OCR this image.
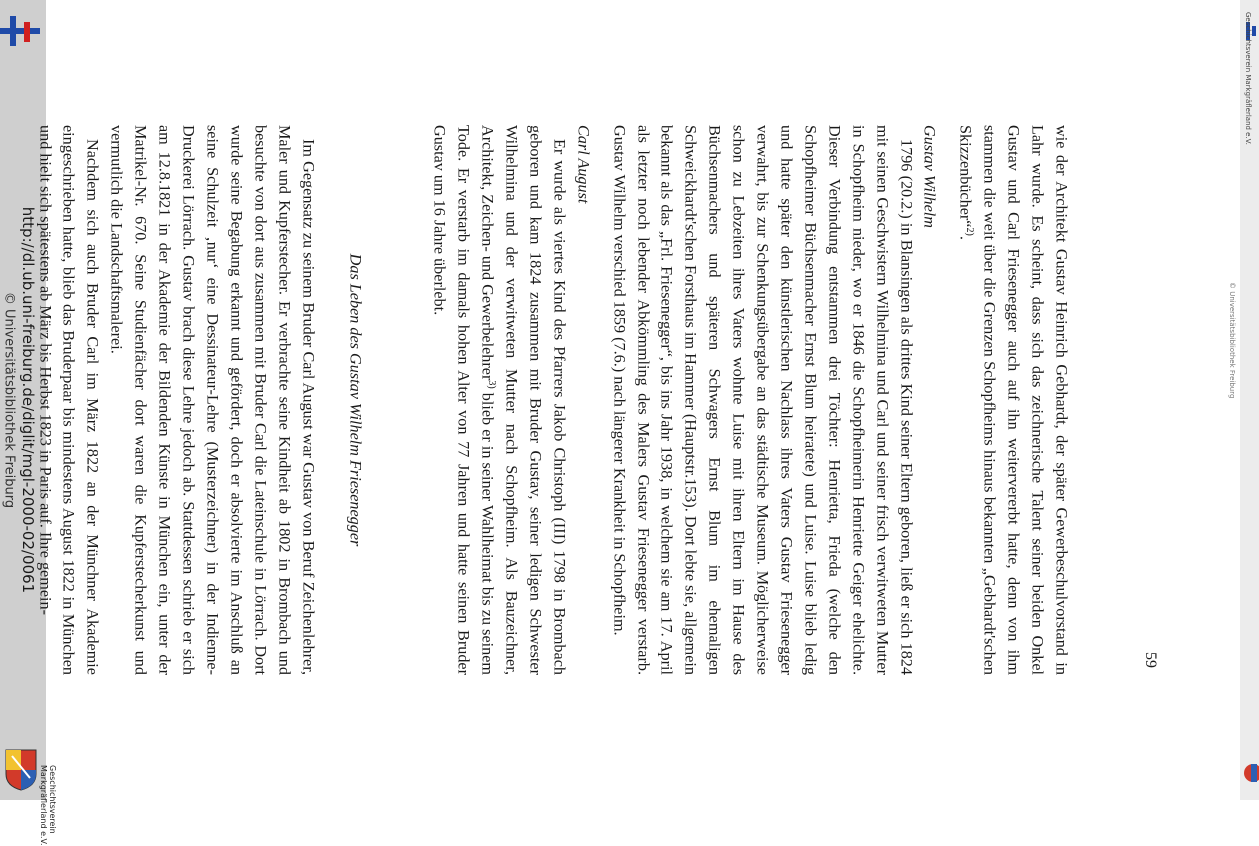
http://dl.ub.uni-freiburg.de/diglit/mgl-2000-02/0061
© Universitätsbibliothek Freiburg
Geschichtsverein
Markgräflerland e.V.
Geschichtsverein Markgräflerland e.V.
© Universitätsbibliothek Freiburg

wie der Architekt Gustav Heinrich Gebhardt, der später Gewerbeschulvorstand in Lahr wurde. Es scheint, dass sich das zeichnerische Talent seiner beiden Onkel Gustav und Carl Friesenegger auch auf ihn weitervererbt hatte, denn von ihm stammen die weit über die Grenzen Schopfheims hinaus bekannten „Gebhardt'schen Skizzenbücher“$^{2)}$.

Gustav Wilhelm

1796 (20.2.) in Blansingen als drittes Kind seiner Eltern geboren, ließ er sich 1824 mit seinen Geschwistern Wilhelmina und Carl und seiner frisch verwitweten Mutter in Schopfheim nieder, wo er 1846 die Schopfheimerin Henriette Geiger ehelichte. Dieser Verbindung entstammen drei Töchter: Henrietta, Frieda (welche den Schopfheimer Büchsenmacher Ernst Blum heiratete) und Luise. Luise blieb ledig und hatte später den künstlerischen Nachlass ihres Vaters Gustav Friesenegger verwahrt, bis zur Schenkungsübergabe an das städtische Museum. Möglicherweise schon zu Lebzeiten ihres Vaters wohnte Luise mit ihren Eltern im Hause des Büchsenmachers und späteren Schwagers Ernst Blum im ehemaligen Schweickhardt'schen Forsthaus im Hammer (Hauptstr.153). Dort lebte sie, allgemein bekannt als das „Frl. Friesenegger“, bis ins Jahr 1938, in welchem sie am 17. April als letzter noch lebender Abkömmling des Malers Gustav Friesenegger verstarb. Gustav Wilhelm verschied 1859 (7.6.) nach längerer Krankheit in Schopfheim.

Carl August

Er wurde als viertes Kind des Pfarrers Jakob Christoph (III) 1798 in Brombach geboren und kam 1824 zusammen mit Bruder Gustav, seiner ledigen Schwester Wilhelmina und der verwitweten Mutter nach Schopfheim. Als Bauzeichner, Architekt, Zeichen- und Gewerbelehrer$^{3)}$ blieb er in seiner Wahlheimat bis zu seinem Tode. Er verstarb im damals hohen Alter von 77 Jahren und hatte seinen Bruder Gustav um 16 Jahre überlebt.

Das Leben des Gustav Wilhelm Friesenegger

Im Gegensatz zu seinem Bruder Carl August war Gustav von Beruf Zeichenlehrer, Maler und Kupferstecher. Er verbrachte seine Kindheit ab 1802 in Brombach und besuchte von dort aus zusammen mit Bruder Carl die Lateinschule in Lörrach. Dort wurde seine Begabung erkannt und gefördert, doch er absolvierte im Anschluß an seine Schulzeit ‚nur‘ eine Dessinateur-Lehre (Musterzeichner) in der Indienne-Druckerei Lörrach. Gustav brach diese Lehre jedoch ab. Stattdessen schrieb er sich am 12.8.1821 in der Akademie der Bildenden Künste in München ein, unter der Matrikel-Nr. 670. Seine Studienfächer dort waren die Kupferstecherkunst und vermutlich die Landschaftsmalerei.

Nachdem sich auch Bruder Carl im März 1822 an der Münchner Akademie eingeschrieben hatte, blieb das Bruderpaar bis mindestens August 1822 in München und hielt sich spätestens ab März bis Herbst 1823 in Paris auf. Ihre gemein-

59
